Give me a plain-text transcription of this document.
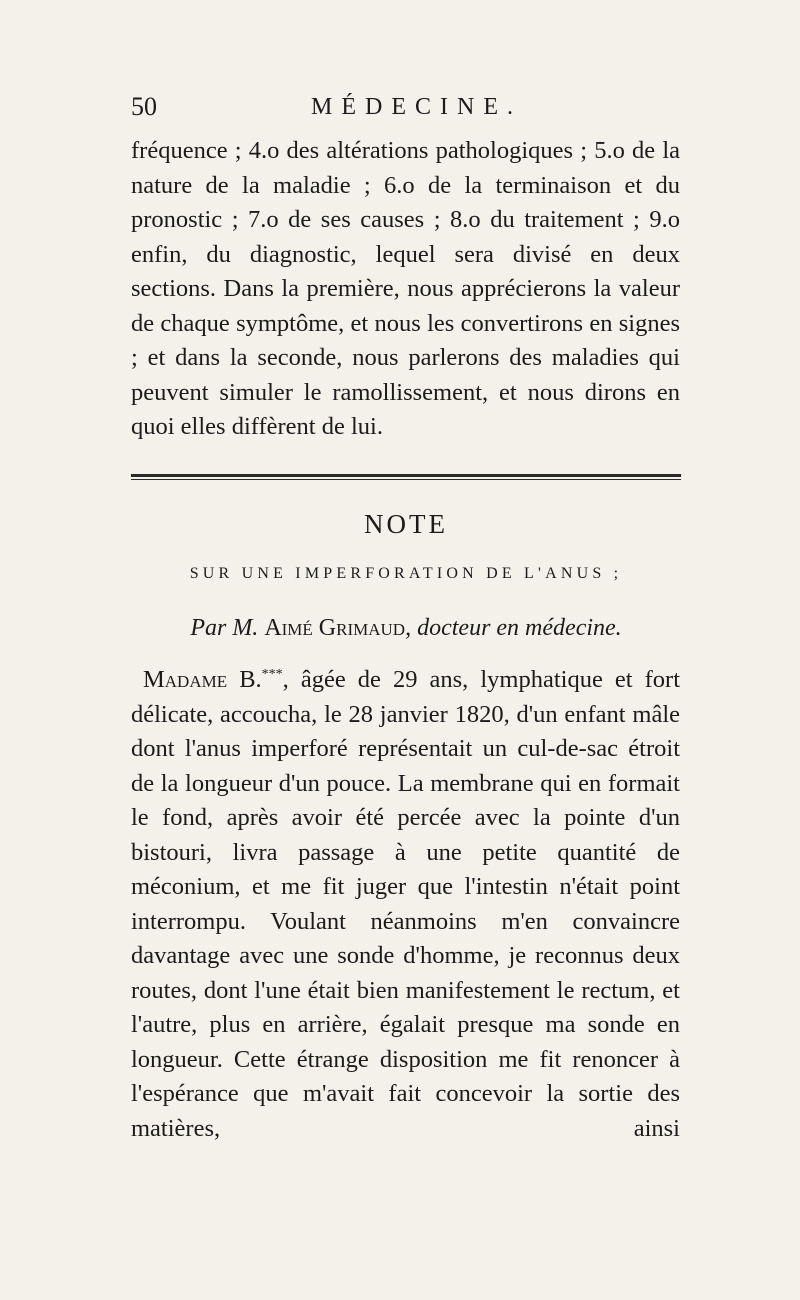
50	MÉDECINE.

fréquence ; 4.o des altérations pathologiques ; 5.o de la nature de la maladie ; 6.o de la terminaison et du pronostic ; 7.o de ses causes ; 8.o du traitement ; 9.o enfin, du diagnostic, lequel sera divisé en deux sections. Dans la première, nous apprécierons la valeur de chaque symptôme, et nous les convertirons en signes ; et dans la seconde, nous parlerons des maladies qui peuvent simuler le ramollissement, et nous dirons en quoi elles diffèrent de lui.

NOTE
SUR UNE IMPERFORATION DE L'ANUS ;
Par M. Aimé Grimaud, docteur en médecine.

Madame B.***, âgée de 29 ans, lymphatique et fort délicate, accoucha, le 28 janvier 1820, d'un enfant mâle dont l'anus imperforé représentait un cul-de-sac étroit de la longueur d'un pouce. La membrane qui en formait le fond, après avoir été percée avec la pointe d'un bistouri, livra passage à une petite quantité de méconium, et me fit juger que l'intestin n'était point interrompu. Voulant néanmoins m'en convaincre davantage avec une sonde d'homme, je reconnus deux routes, dont l'une était bien manifestement le rectum, et l'autre, plus en arrière, égalait presque ma sonde en longueur. Cette étrange disposition me fit renoncer à l'espérance que m'avait fait concevoir la sortie des matières, ainsi
